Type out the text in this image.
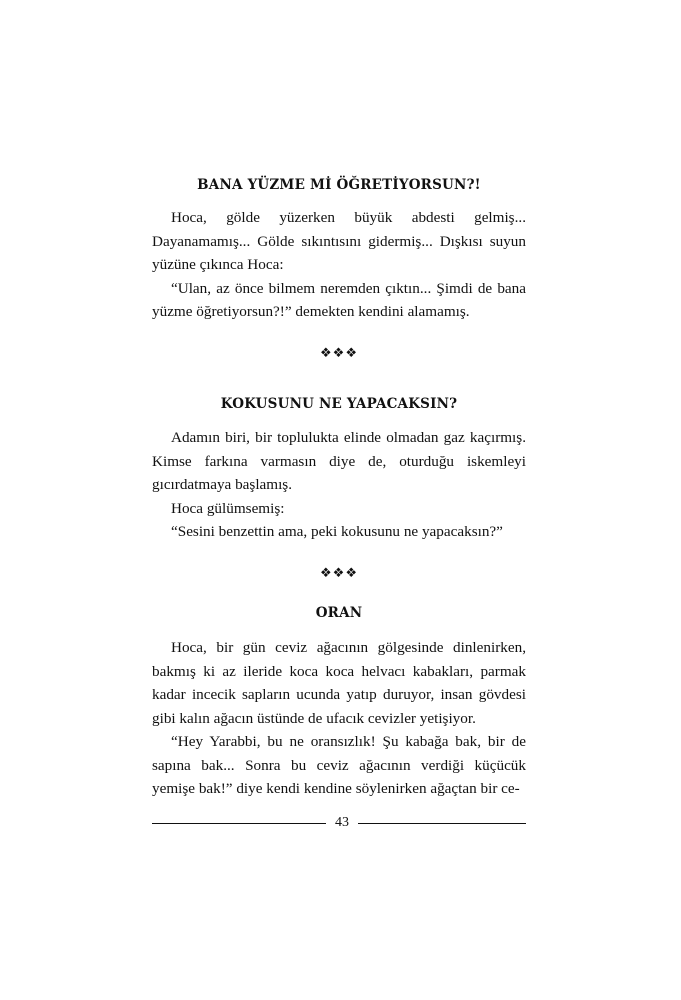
BANA YÜZME Mİ ÖĞRETİYORSUN?!

Hoca, gölde yüzerken büyük abdesti gelmiş... Dayanamamış... Gölde sıkıntısını gidermiş... Dışkısı suyun yüzüne çıkınca Hoca:

“Ulan, az önce bilmem neremden çıktın... Şimdi de bana yüzme öğretiyorsun?!” demekten kendini alamamış.

❖❖❖
KOKUSUNU NE YAPACAKSIN?

Adamın biri, bir toplulukta elinde olmadan gaz kaçırmış. Kimse farkına varmasın diye de, oturduğu iskemleyi gıcırdatmaya başlamış.

Hoca gülümsemiş:

“Sesini benzettin ama, peki kokusunu ne yapacaksın?”

❖❖❖
ORAN

Hoca, bir gün ceviz ağacının gölgesinde dinlenirken, bakmış ki az ileride koca koca helvacı kabakları, parmak kadar incecik sapların ucunda yatıp duruyor, insan gövdesi gibi kalın ağacın üstünde de ufacık cevizler yetişiyor.

“Hey Yarabbi, bu ne oransızlık! Şu kabağa bak, bir de sapına bak... Sonra bu ceviz ağacının verdiği küçücük yemişe bak!” diye kendi kendine söylenirken ağaçtan bir ce-

43
